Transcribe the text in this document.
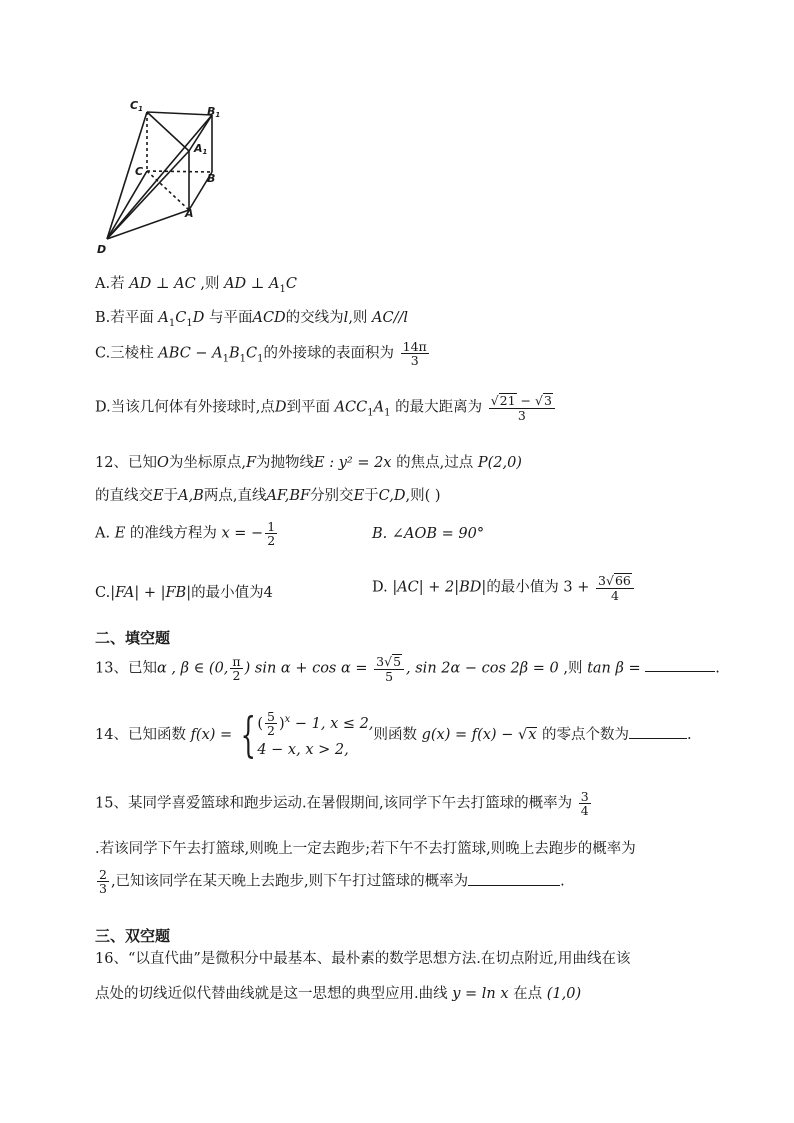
C1	B1
A1
C
B
A
D
A.若 AD ⊥ AC ,则 AD ⊥ $A_1C$
B.若平面 $A_1C_1D$ 与平面ACD的交线为l,则 AC//l
C.三棱柱 ABC − $A_1B_1C_1$的外接球的表面积为 $\frac{14\pi}{3}$
D.当该几何体有外接球时,点D到平面 $ACC_1A_1$ 的最大距离为 $\frac{√21 - √3}{3}$
12、已知O为坐标原点,F为抛物线E : y² = 2x 的焦点,过点 P(2,0)
的直线交E于A,B两点,直线AF,BF分别交E于C,D,则( )
A. E 的准线方程为 x = − $\frac{1}{2}$	B. ∠AOB = 90°
C.|FA| + |FB|的最小值为4	D. |AC| + 2|BD|的最小值为 $3 + \frac{3√66}{4}$
二、填空题
13、已知α , β ∈ (0, $\frac{\pi}{2}$ ) $\sin \alpha + \cos \alpha = \frac{3√5}{5}$ , sin 2α − cos 2β = 0 ,则 tan β =	.
14、已知函数 f(x) = { ( $\frac{5}{2} )^x - 1$, x ≤ 2,
4 − x, x > 2,
则函数 g(x) = f(x) − √x 的零点个数为	.
15、某同学喜爱篮球和跑步运动.在暑假期间,该同学下午去打篮球的概率为 $\frac{3}{4}$
.若该同学下午去打篮球,则晚上一定去跑步;若下午不去打篮球,则晚上去跑步的概率为
$\frac{2}{3}$ ,已知该同学在某天晚上去跑步,则下午打过篮球的概率为	.
三、双空题
16、“以直代曲”是微积分中最基本、最朴素的数学思想方法.在切点附近,用曲线在该
点处的切线近似代替曲线就是这一思想的典型应用.曲线 y = ln x 在点 (1,0)
